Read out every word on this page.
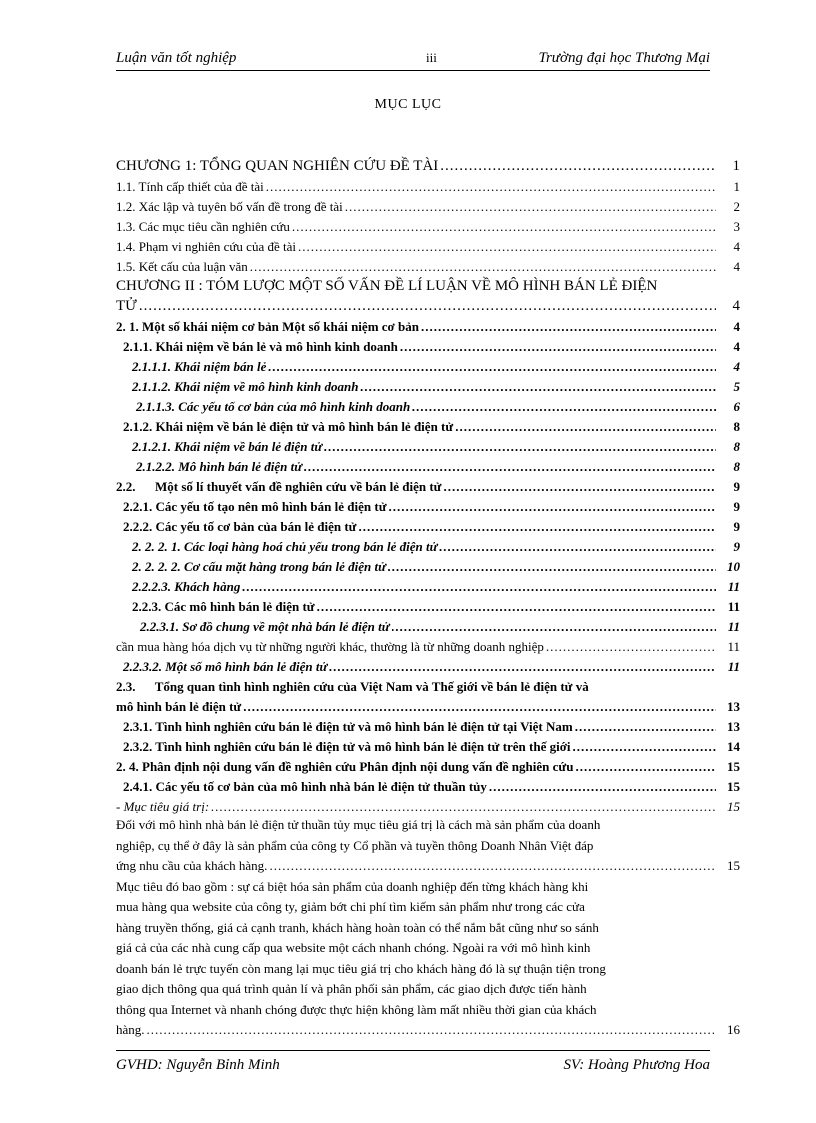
Luận văn tốt nghiệp	iii	Trường đại học Thương Mại
MỤC LỤC
CHƯƠNG 1: TỔNG QUAN NGHIÊN CỨU ĐỀ TÀI .....	1
1.1. Tính cấp thiết của đề tài .....	1
1.2. Xác lập và tuyên bố vấn đề trong đề tài .....	2
1.3. Các mục tiêu cần nghiên cứu .....	3
1.4. Phạm vi nghiên cứu của đề tài .....	4
1.5. Kết cấu của luận văn .....	4
CHƯƠNG II : TÓM LƯỢC MỘT SỐ VẤN ĐỀ LÍ LUẬN VỀ MÔ HÌNH BÁN LẺ ĐIỆN
TỬ .....	4
2. 1. Một số khái niệm cơ bản Một số khái niệm cơ bản .....	4
2.1.1. Khái niệm về bán lẻ và mô hình kinh doanh .....	4
2.1.1.1. Khái niệm bán lẻ .....	4
2.1.1.2. Khái niệm về mô hình kinh doanh .....	5
2.1.1.3. Các yếu tố cơ bản của mô hình kinh doanh .....	6
2.1.2. Khái niệm về bán lẻ điện tử và mô hình bán lẻ điện tử .....	8
2.1.2.1. Khái niệm về bán lẻ điện tử .....	8
2.1.2.2. Mô hình bán lẻ điện tử .....	8
2.2.      Một số lí thuyết vấn đề nghiên cứu về bán lẻ điện tử .....	9
2.2.1. Các yếu tố tạo nên mô hình bán lẻ điện tử .....	9
2.2.2. Các yếu tố cơ bản của bán lẻ điện tử .....	9
2. 2. 2. 1. Các loại hàng hoá chủ yếu trong bán lẻ điện tử .....	9
2. 2. 2. 2. Cơ cấu mặt hàng trong bán lẻ điện tử .....	10
2.2.2.3. Khách hàng .....	11
2.2.3. Các mô hình bán lẻ điện tử .....	11
2.2.3.1. Sơ đồ chung về một nhà bán lẻ điện tử .....	11
cần mua hàng hóa dịch vụ từ những người khác, thường là từ những doanh nghiệp .....	11
2.2.3.2. Một số mô hình bán lẻ điện tử .....	11
2.3.      Tổng quan tình hình nghiên cứu của Việt Nam và Thế giới về bán lẻ điện tử và
mô hình bán lẻ điện tử .....	13
2.3.1. Tình hình nghiên cứu bán lẻ điện tử và mô hình bán lẻ điện tử tại Việt Nam .....	13
2.3.2. Tình hình nghiên cứu bán lẻ điện tử và mô hình bán lẻ điện tử trên thế giới .....	14
2. 4. Phân định nội dung vấn đề nghiên cứu Phân định nội dung vấn đề nghiên cứu .....	15
2.4.1. Các yếu tố cơ bản của mô hình nhà bán lẻ điện tử thuần tủy .....	15
- Mục tiêu giá trị: .....	15
Đối với mô hình nhà bán lẻ điện tử thuần tủy mục tiêu giá trị là cách mà sản phẩm của doanh
nghiệp, cụ thể ở đây là sản phẩm của công ty Cổ phần và tuyền thông Doanh Nhân Việt đáp
ứng nhu cầu của khách hàng. .....	15
Mục tiêu đó bao gồm : sự cá biệt hóa sản phẩm của doanh nghiệp đến từng khách hàng khi
mua hàng qua website của công ty, giảm bớt chi phí tìm kiếm sản phẩm như trong các cửa
hàng truyền thống, giá cả cạnh tranh, khách hàng hoàn toàn có thể nắm bắt cũng như so sánh
giá cả của các nhà cung cấp qua website một cách nhanh chóng. Ngoài ra với mô hình kinh
doanh bán lẻ trực tuyến còn mang lại mục tiêu giá trị cho khách hàng đó là sự thuận tiện trong
giao dịch thông qua quá trình quản lí và phân phối sản phẩm, các giao dịch được tiến hành
thông qua Internet và nhanh chóng được thực hiện không làm mất nhiều thời gian của khách
hàng. .....	16
GVHD: Nguyễn Bỉnh Minh	SV: Hoàng Phương Hoa
